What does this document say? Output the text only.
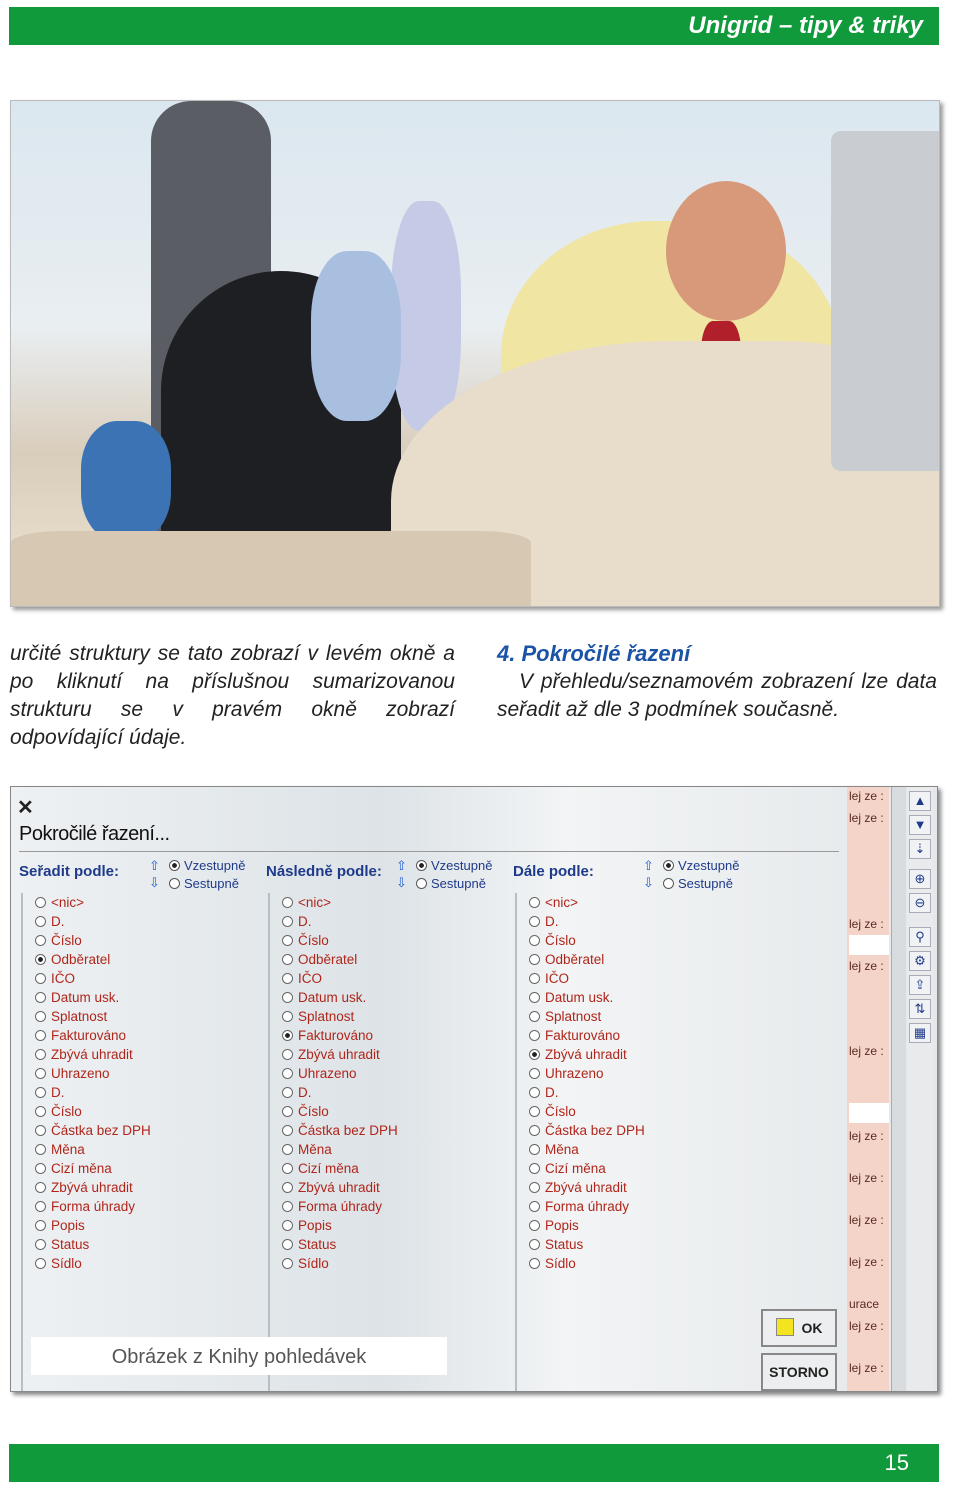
Unigrid – tipy & triky
určité struktury se tato zobrazí v levém okně a po kliknutí na příslušnou sumarizovanou strukturu se v pravém okně zobrazí odpovídající údaje.
4. Pokročilé řazení
V přehledu/seznamovém zobrazení lze data seřadit až dle 3 podmínek současně.
✕
Pokročilé řazení...
Seřadit podle: ⇧
⇩
Vzestupně
Sestupně
<nic>
D.
Číslo
Odběratel
IČO
Datum usk.
Splatnost
Fakturováno
Zbývá uhradit
Uhrazeno
D.
Číslo
Částka bez DPH
Měna
Cizí měna
Zbývá uhradit
Forma úhrady
Popis
Status
Sídlo
Následně podle: ⇧
⇩
Vzestupně
Sestupně
<nic>
D.
Číslo
Odběratel
IČO
Datum usk.
Splatnost
Fakturováno
Zbývá uhradit
Uhrazeno
D.
Číslo
Částka bez DPH
Měna
Cizí měna
Zbývá uhradit
Forma úhrady
Popis
Status
Sídlo
Dále podle:	⇧
⇩
Vzestupně
Sestupně
<nic>
D.
Číslo
Odběratel
IČO
Datum usk.
Splatnost
Fakturováno
Zbývá uhradit
Uhrazeno
D.
Číslo
Částka bez DPH
Měna
Cizí měna
Zbývá uhradit
Forma úhrady
Popis
Status
Sídlo
lej ze :
lej ze :
lej ze :
lej ze :
lej ze :
lej ze :
lej ze :
lej ze :
lej ze :
urace
lej ze :
lej ze :
▲
▼
⇣
⊕
⊖
⚲
⚙
⇪
⇅
▦
OK
STORNO
Obrázek z Knihy pohledávek
15
